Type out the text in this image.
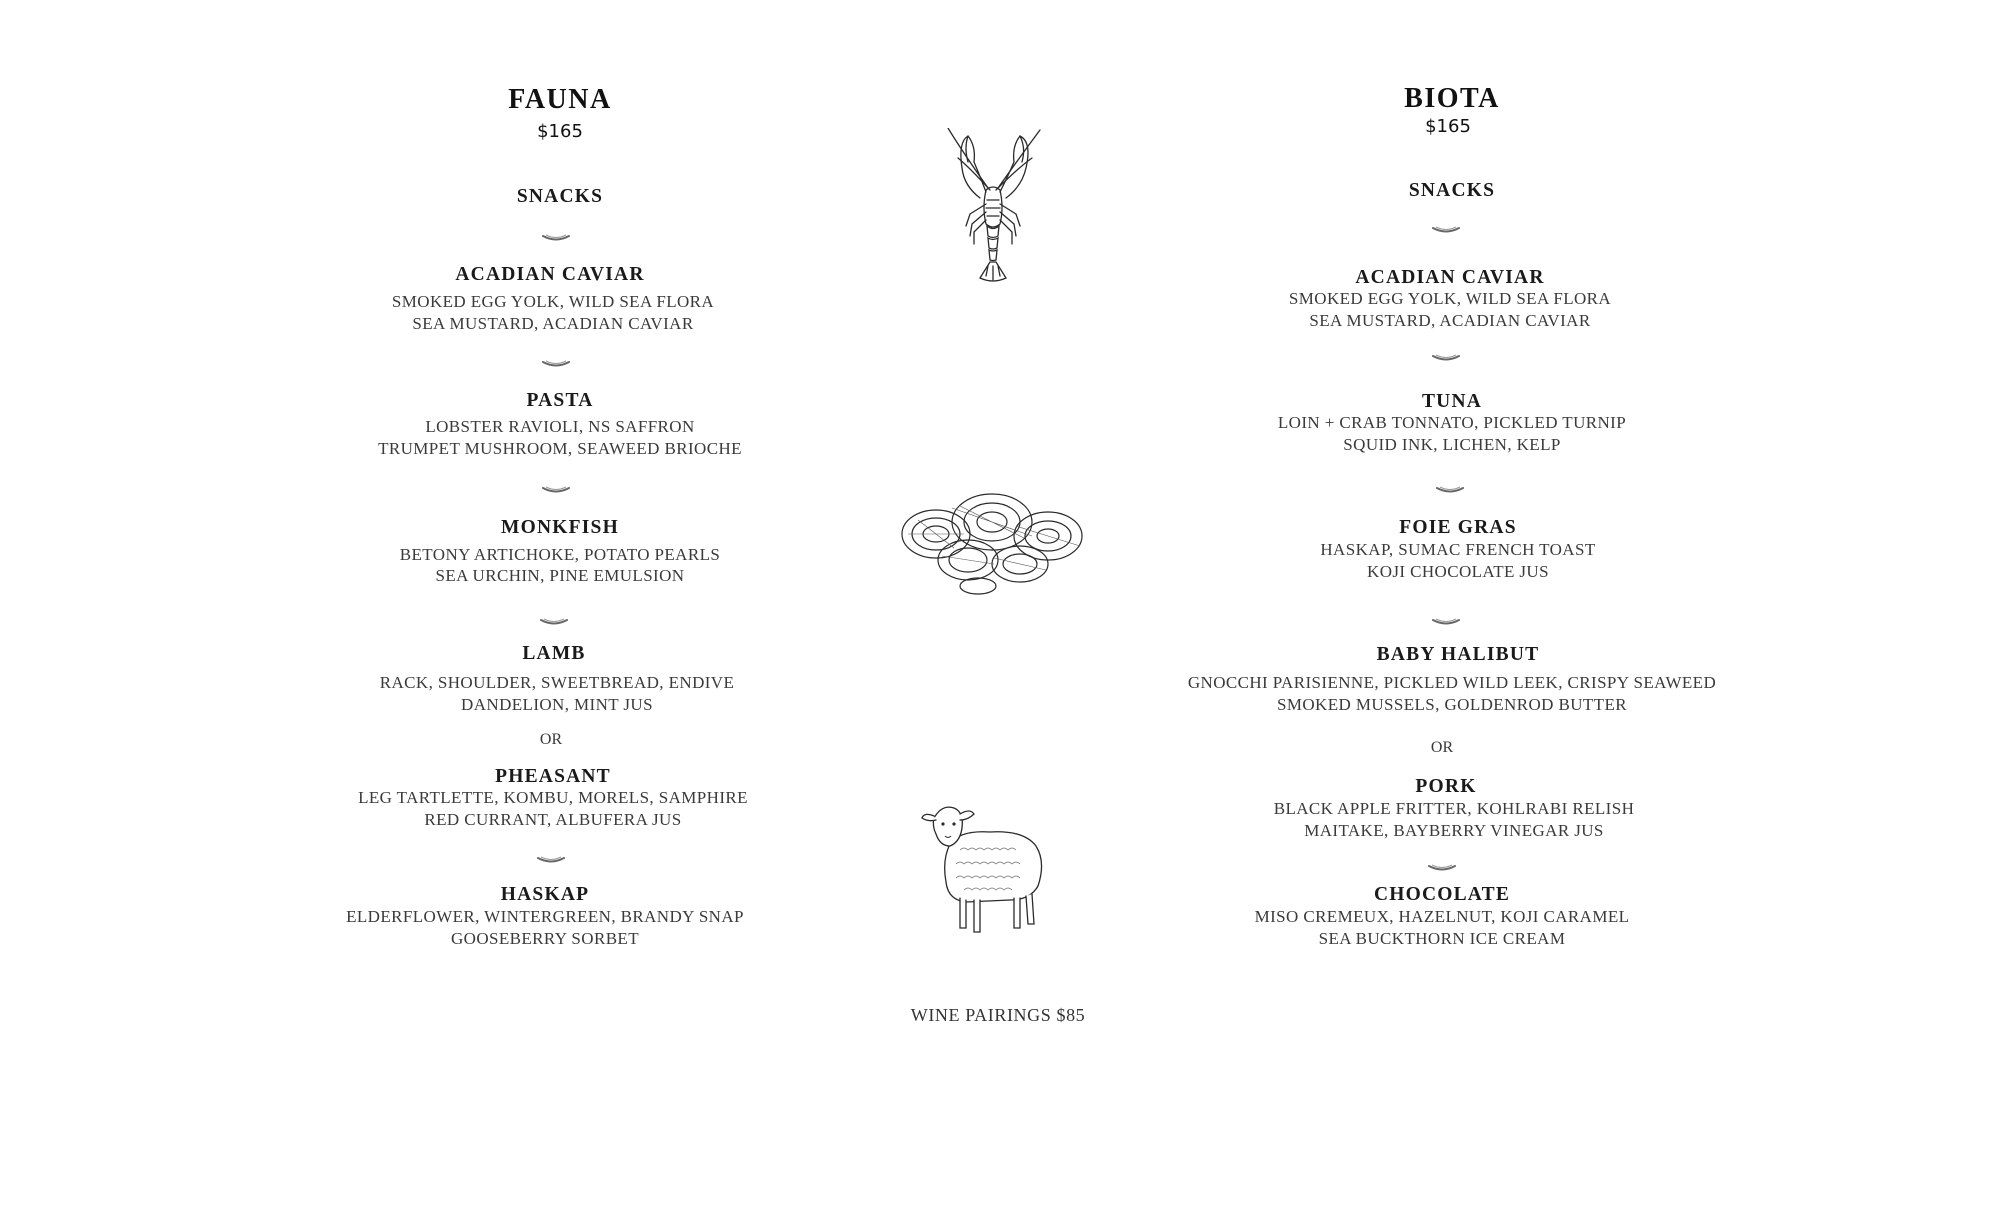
FAUNA
$165
SNACKS
ACADIAN CAVIAR
SMOKED EGG YOLK, WILD SEA FLORA
SEA MUSTARD, ACADIAN CAVIAR
PASTA
LOBSTER RAVIOLI, NS SAFFRON
TRUMPET MUSHROOM, SEAWEED BRIOCHE
MONKFISH
BETONY ARTICHOKE, POTATO PEARLS
SEA URCHIN, PINE EMULSION
LAMB
RACK, SHOULDER, SWEETBREAD, ENDIVE
DANDELION, MINT JUS
OR
PHEASANT
LEG TARTLETTE, KOMBU, MORELS, SAMPHIRE
RED CURRANT, ALBUFERA JUS
HASKAP
ELDERFLOWER, WINTERGREEN, BRANDY SNAP
GOOSEBERRY SORBET
BIOTA
$165
SNACKS
ACADIAN CAVIAR
SMOKED EGG YOLK, WILD SEA FLORA
SEA MUSTARD, ACADIAN CAVIAR
TUNA
LOIN + CRAB TONNATO, PICKLED TURNIP
SQUID INK, LICHEN, KELP
FOIE GRAS
HASKAP, SUMAC FRENCH TOAST
KOJI CHOCOLATE JUS
BABY HALIBUT
GNOCCHI PARISIENNE, PICKLED WILD LEEK, CRISPY SEAWEED
SMOKED MUSSELS, GOLDENROD BUTTER
OR
PORK
BLACK APPLE FRITTER, KOHLRABI RELISH
MAITAKE, BAYBERRY VINEGAR JUS
CHOCOLATE
MISO CREMEUX, HAZELNUT, KOJI CARAMEL
SEA BUCKTHORN ICE CREAM
WINE PAIRINGS $85
